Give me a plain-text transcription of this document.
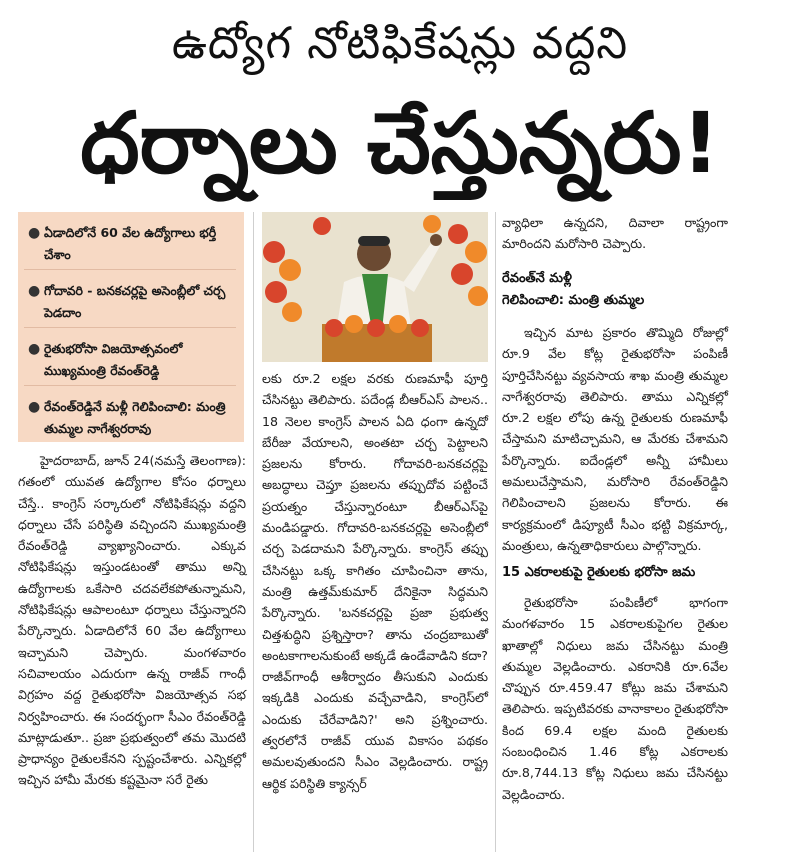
ఉద్యోగ నోటిఫికేషన్లు వద్దని
ధర్నాలు చేస్తున్నరు!
● ఏడాదిలోనే 60 వేల ఉద్యోగాలు భర్తీ చేశాం
● గోదావరి - బనకచర్లపై అసెంబ్లీలో చర్చ పెడదాం
● రైతుభరోసా విజయోత్సవంలో ముఖ్యమంత్రి రేవంత్‌రెడ్డి
● రేవంత్‌రెడ్డినే మళ్లీ గెలిపించాలి: మంత్రి తుమ్మల నాగేశ్వరరావు

హైదరాబాద్, జూన్ 24(నమస్తే తెలంగాణ): గతంలో యువత ఉద్యోగాల కోసం ధర్నాలు చేస్తే.. కాంగ్రెస్ సర్కారులో నోటిఫికేషన్లు వద్దని ధర్నాలు చేసే పరిస్థితి వచ్చిందని ముఖ్యమంత్రి రేవంత్‌రెడ్డి వ్యాఖ్యానించారు. ఎక్కువ నోటిఫికేషన్లు ఇస్తుండటంతో తాము అన్ని ఉద్యోగాలకు ఒకేసారి చదవలేకపోతున్నామని, నోటిఫికేషన్లు ఆపాలంటూ ధర్నాలు చేస్తున్నారని పేర్కొన్నారు. ఏడాదిలోనే 60 వేల ఉద్యోగాలు ఇచ్చామని చెప్పారు. మంగళవారం సచివాలయం ఎదురుగా ఉన్న రాజీవ్ గాంధీ విగ్రహం వద్ద రైతుభరోసా విజయోత్సవ సభ నిర్వహించారు. ఈ సందర్భంగా సీఎం రేవంత్‌రెడ్డి మాట్లాడుతూ.. ప్రజా ప్రభుత్వంలో తమ మొదటి ప్రాధాన్యం రైతులకేనని స్పష్టంచేశారు. ఎన్నికల్లో ఇచ్చిన హామీ మేరకు కష్టమైనా సరే రైతు

లకు రూ.2 లక్షల వరకు రుణమాఫీ పూర్తి చేసినట్టు తెలిపారు. పదేండ్ల బీఆర్ఎస్ పాలన.. 18 నెలల కాంగ్రెస్ పాలన ఏది ధంగా ఉన్నదో బేరీజు వేయాలని, అంతటా చర్చ పెట్టాలని ప్రజలను కోరారు. గోదావరి-బనకచర్లపై అబద్ధాలు చెప్తూ ప్రజలను తప్పుదోవ పట్టించే ప్రయత్నం చేస్తున్నారంటూ బీఆర్ఎస్‌పై మండిపడ్డారు. గోదావరి-బనకచర్లపై అసెంబ్లీలో చర్చ పెడదామని పేర్కొన్నారు. కాంగ్రెస్ తప్పు చేసినట్టు ఒక్క కాగితం చూపించినా తాను, మంత్రి ఉత్తమ్‌కుమార్ దేనికైనా సిద్ధమని పేర్కొన్నారు. 'బనకచర్లపై ప్రజా ప్రభుత్వ చిత్తశుద్ధిని ప్రశ్నిస్తారా? తాను చంద్రబాబుతో అంటకాగాలనుకుంటే అక్కడే ఉండేవాడిని కదా? రాజీవ్‌గాంధీ ఆశీర్వాదం తీసుకుని ఎందుకు ఇక్కడికి ఎందుకు వచ్చేవాడిని, కాంగ్రెస్‌లో ఎందుకు చేరేవాడిని?' అని ప్రశ్నించారు. త్వరలోనే రాజీవ్ యువ వికాసం పథకం అమలవుతుందని సీఎం వెల్లడించారు. రాష్ట్ర ఆర్థిక పరిస్థితి క్యాన్సర్

వ్యాధిలా ఉన్నదని, దివాలా రాష్ట్రంగా మారిందని మరోసారి చెప్పారు.

రేవంత్‌నే మళ్లీ
గెలిపించాలి: మంత్రి తుమ్మల

ఇచ్చిన మాట ప్రకారం తొమ్మిది రోజుల్లో రూ.9 వేల కోట్ల రైతుభరోసా పంపిణీ పూర్తిచేసినట్టు వ్యవసాయ శాఖ మంత్రి తుమ్మల నాగేశ్వరరావు తెలిపారు. తాము ఎన్నికల్లో రూ.2 లక్షల లోపు ఉన్న రైతులకు రుణమాఫీ చేస్తామని మాటిచ్చామని, ఆ మేరకు చేశామని పేర్కొన్నారు. ఐదేండ్లలో అన్నీ హామీలు అమలుచేస్తామని, మరోసారి రేవంత్‌రెడ్డిని గెలిపించాలని ప్రజలను కోరారు. ఈ కార్యక్రమంలో డిప్యూటీ సీఎం భట్టి విక్రమార్క, మంత్రులు, ఉన్నతాధికారులు పాల్గొన్నారు.

15 ఎకరాలకుపై రైతులకు భరోసా జమ

రైతుభరోసా పంపిణీలో భాగంగా మంగళవారం 15 ఎకరాలకుపైగల రైతుల ఖాతాల్లో నిధులు జమ చేసినట్టు మంత్రి తుమ్మల వెల్లడించారు. ఎకరానికి రూ.6వేల చొప్పున రూ.459.47 కోట్లు జమ చేశామని తెలిపారు. ఇప్పటివరకు వానాకాలం రైతుభరోసా కింద 69.4 లక్షల మంది రైతులకు సంబంధించిన 1.46 కోట్ల ఎకరాలకు రూ.8,744.13 కోట్ల నిధులు జమ చేసినట్టు వెల్లడించారు.
